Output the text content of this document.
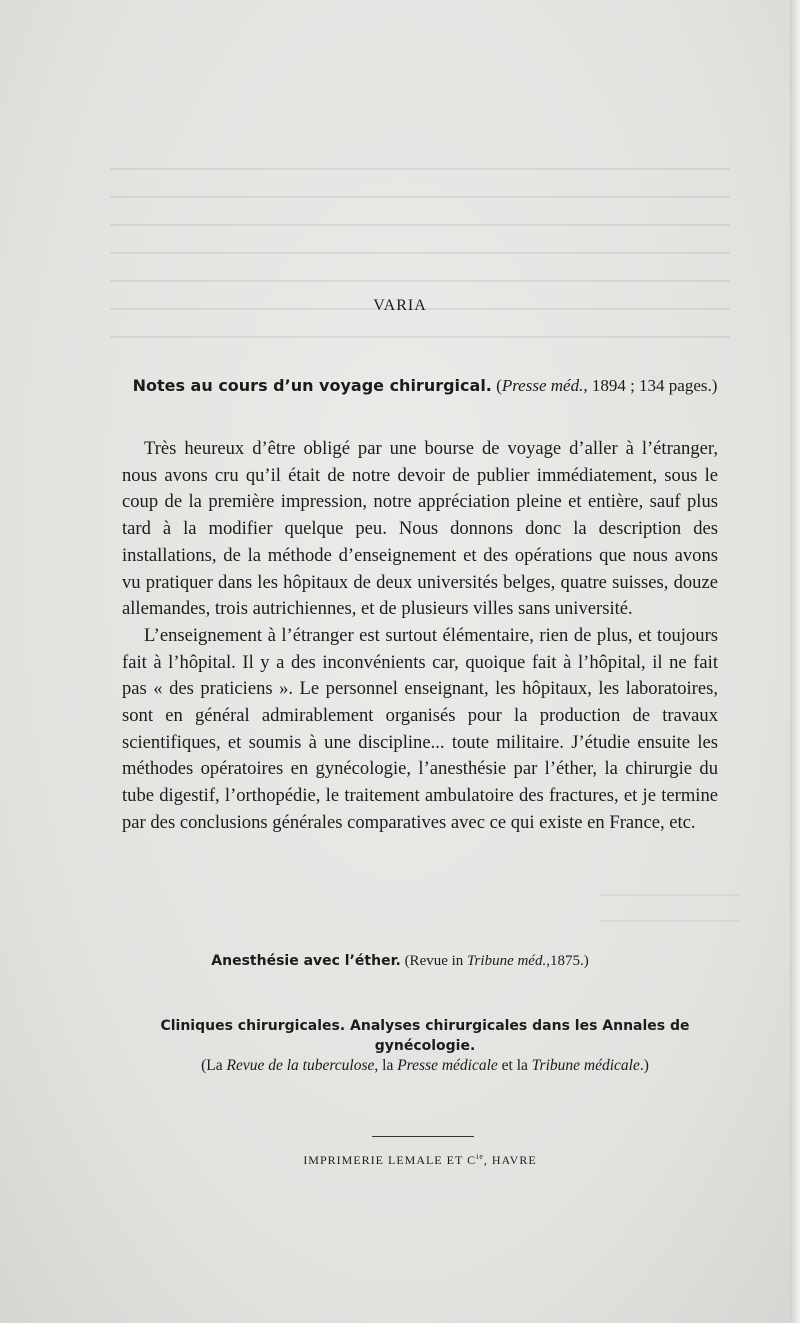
VARIA
Notes au cours d’un voyage chirurgical. (Presse méd., 1894 ; 134 pages.)

Très heureux d’être obligé par une bourse de voyage d’aller à l’étranger, nous avons cru qu’il était de notre devoir de publier immédiatement, sous le coup de la première impression, notre appréciation pleine et entière, sauf plus tard à la modifier quelque peu. Nous donnons donc la description des installations, de la méthode d’enseignement et des opérations que nous avons vu pratiquer dans les hôpitaux de deux universités belges, quatre suisses, douze allemandes, trois autrichiennes, et de plusieurs villes sans université.

L’enseignement à l’étranger est surtout élémentaire, rien de plus, et toujours fait à l’hôpital. Il y a des inconvénients car, quoique fait à l’hôpital, il ne fait pas « des praticiens ». Le personnel enseignant, les hôpitaux, les laboratoires, sont en général admirablement organisés pour la production de travaux scientifiques, et soumis à une discipline... toute militaire. J’étudie ensuite les méthodes opératoires en gynécologie, l’anesthésie par l’éther, la chirurgie du tube digestif, l’orthopédie, le traitement ambulatoire des fractures, et je termine par des conclusions générales comparatives avec ce qui existe en France, etc.

Anesthésie avec l’éther. (Revue in Tribune méd.,1875.)
Cliniques chirurgicales. Analyses chirurgicales dans les Annales de gynécologie.
(La Revue de la tuberculose, la Presse médicale et la Tribune médicale.)
IMPRIMERIE LEMALE ET $C^{ie}$, HAVRE
